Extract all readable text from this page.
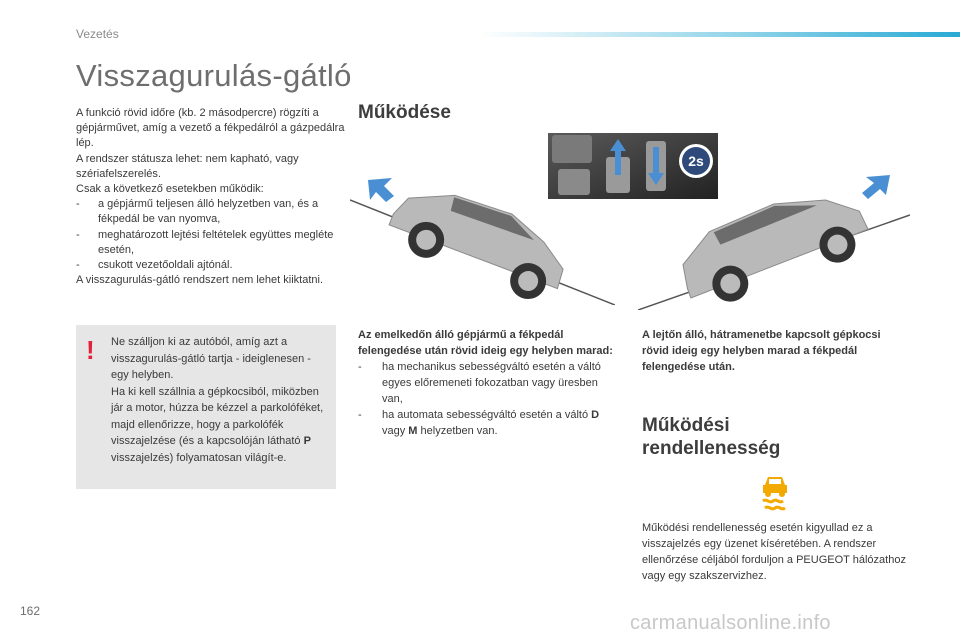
Vezetés
Visszagurulás-gátló

A funkció rövid időre (kb. 2 másodpercre) rögzíti a gépjárművet, amíg a vezető a fékpedálról a gázpedálra lép.

A rendszer státusza lehet: nem kapható, vagy szériafelszerelés.

Csak a következő esetekben működik:

- a gépjármű teljesen álló helyzetben van, és a fékpedál be van nyomva,

- meghatározott lejtési feltételek együttes megléte esetén,

- csukott vezetőoldali ajtónál.

A visszagurulás-gátló rendszert nem lehet kiiktatni.

! Ne szálljon ki az autóból, amíg azt a visszagurulás-gátló tartja - ideiglenesen - egy helyben.

Ha ki kell szállnia a gépkocsiból, miközben jár a motor, húzza be kézzel a parkolóféket, majd ellenőrizze, hogy a parkolófék visszajelzése (és a kapcsolóján látható P visszajelzés) folyamatosan világít-e.

Működése
2s

Az emelkedőn álló gépjármű a fékpedál felengedése után rövid ideig egy helyben marad:

- ha mechanikus sebességváltó esetén a váltó egyes előremeneti fokozatban vagy üresben van,

- ha automata sebességváltó esetén a váltó D vagy M helyzetben van.

A lejtőn álló, hátramenetbe kapcsolt gépkocsi rövid ideig egy helyben marad a fékpedál felengedése után.
Működési
rendellenesség
Működési rendellenesség esetén kigyullad ez a visszajelzés egy üzenet kíséretében. A rendszer ellenőrzése céljából forduljon a PEUGEOT hálózathoz vagy egy szakszervizhez.
162
carmanualsonline.info
